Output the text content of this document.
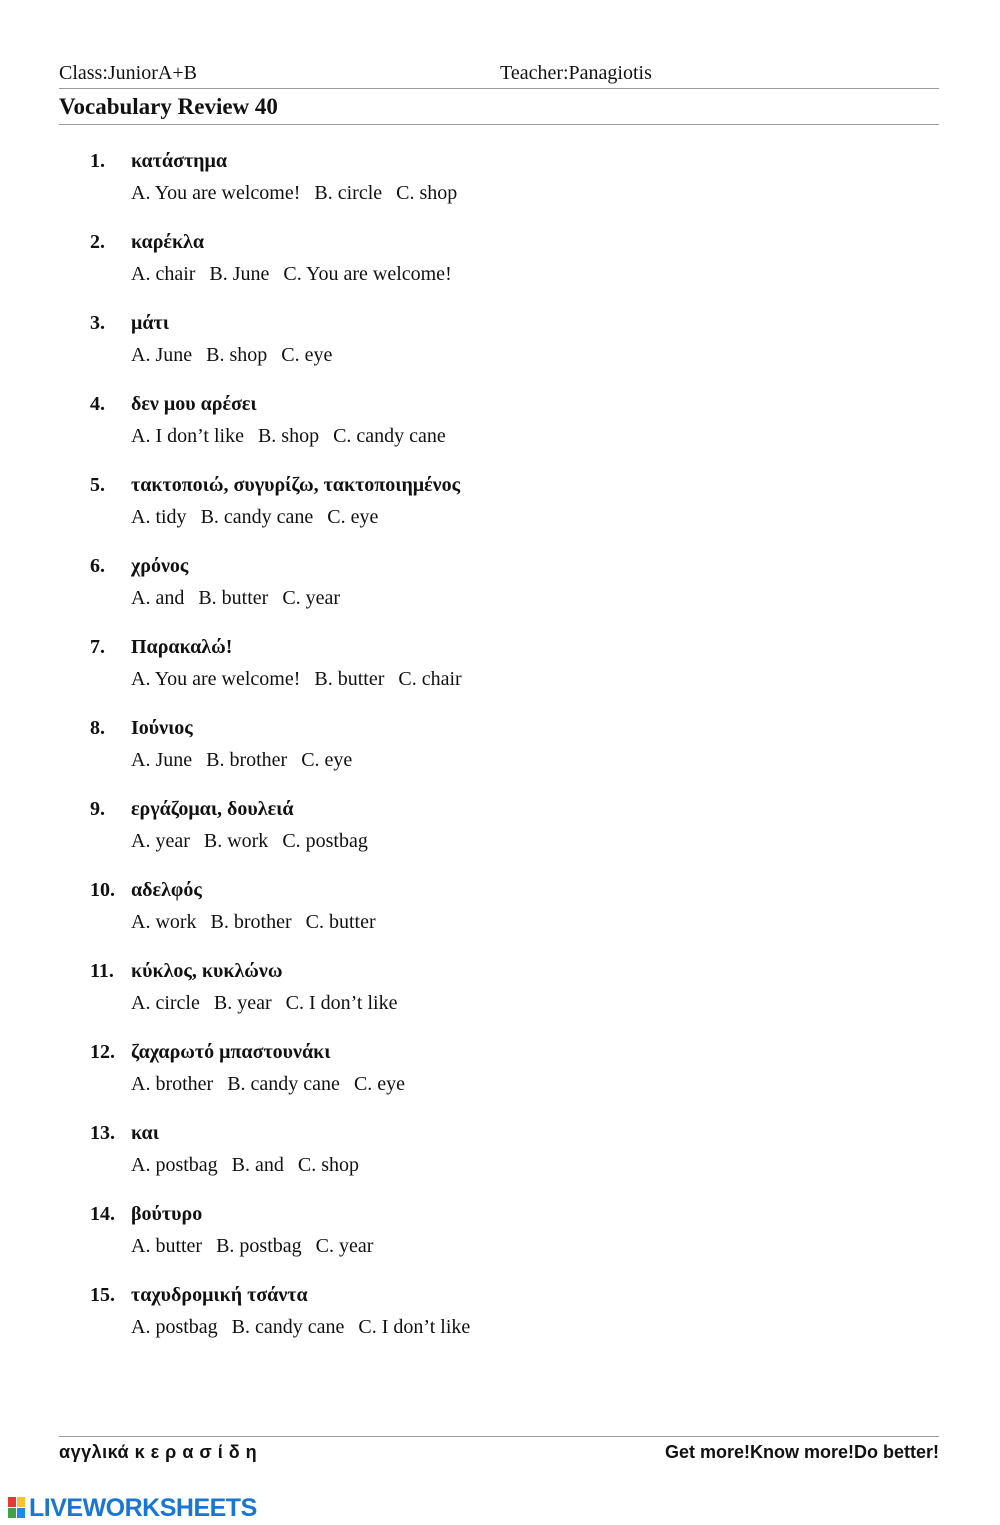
Class:JuniorA+B	Teacher:Panagiotis
Vocabulary Review 40
1. κατάστημα
A. You are welcome! B. circle C. shop
2. καρέκλα
A. chair B. June C. You are welcome!
3. μάτι
A. June B. shop C. eye
4. δεν μου αρέσει
A. I don’t like B. shop C. candy cane
5. τακτοποιώ, συγυρίζω, τακτοποιημένος
A. tidy B. candy cane C. eye
6. χρόνος
A. and B. butter C. year
7. Παρακαλώ!
A. You are welcome! B. butter C. chair
8. Ιούνιος
A. June B. brother C. eye
9. εργάζομαι, δουλειά
A. year B. work C. postbag
10. αδελφός
A. work B. brother C. butter
11. κύκλος, κυκλώνω
A. circle B. year C. I don’t like
12. ζαχαρωτό μπαστουνάκι
A. brother B. candy cane C. eye
13. και
A. postbag B. and C. shop
14. βούτυρο
A. butter B. postbag C. year
15. ταχυδρομική τσάντα
A. postbag B. candy cane C. I don’t like
αγγλικά κ ε ρ α σ ί δ η	Get more!Know more!Do better!
LIVEWORKSHEETS
